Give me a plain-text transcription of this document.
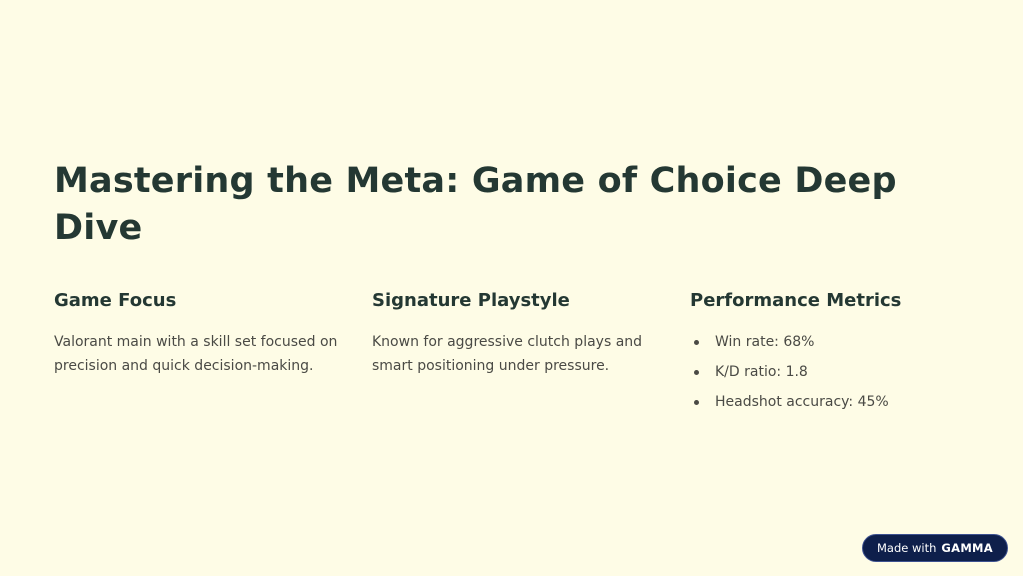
Mastering the Meta: Game of Choice Deep Dive
Game Focus

Valorant main with a skill set focused on precision and quick decision-making.

Signature Playstyle

Known for aggressive clutch plays and smart positioning under pressure.

Performance Metrics
Win rate: 68%
K/D ratio: 1.8
Headshot accuracy: 45%
Made with GAMMA
